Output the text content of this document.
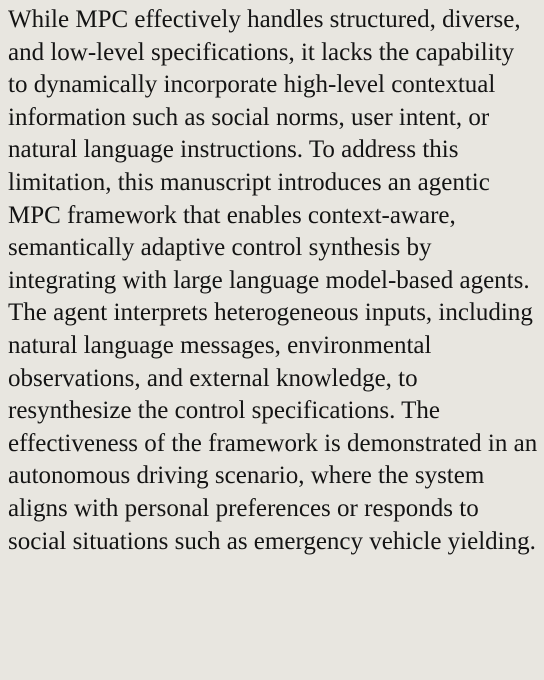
While MPC effectively handles structured, diverse, and low-level specifications, it lacks the capability to dynamically incorporate high-level contextual information such as social norms, user intent, or natural language instructions. To address this limitation, this manuscript introduces an agentic MPC framework that enables context-aware, semantically adaptive control synthesis by integrating with large language model-based agents. The agent interprets heterogeneous inputs, including natural language messages, environmental observations, and external knowledge, to resynthesize the control specifications. The effectiveness of the framework is demonstrated in an autonomous driving scenario, where the system aligns with personal preferences or responds to social situations such as emergency vehicle yielding.
